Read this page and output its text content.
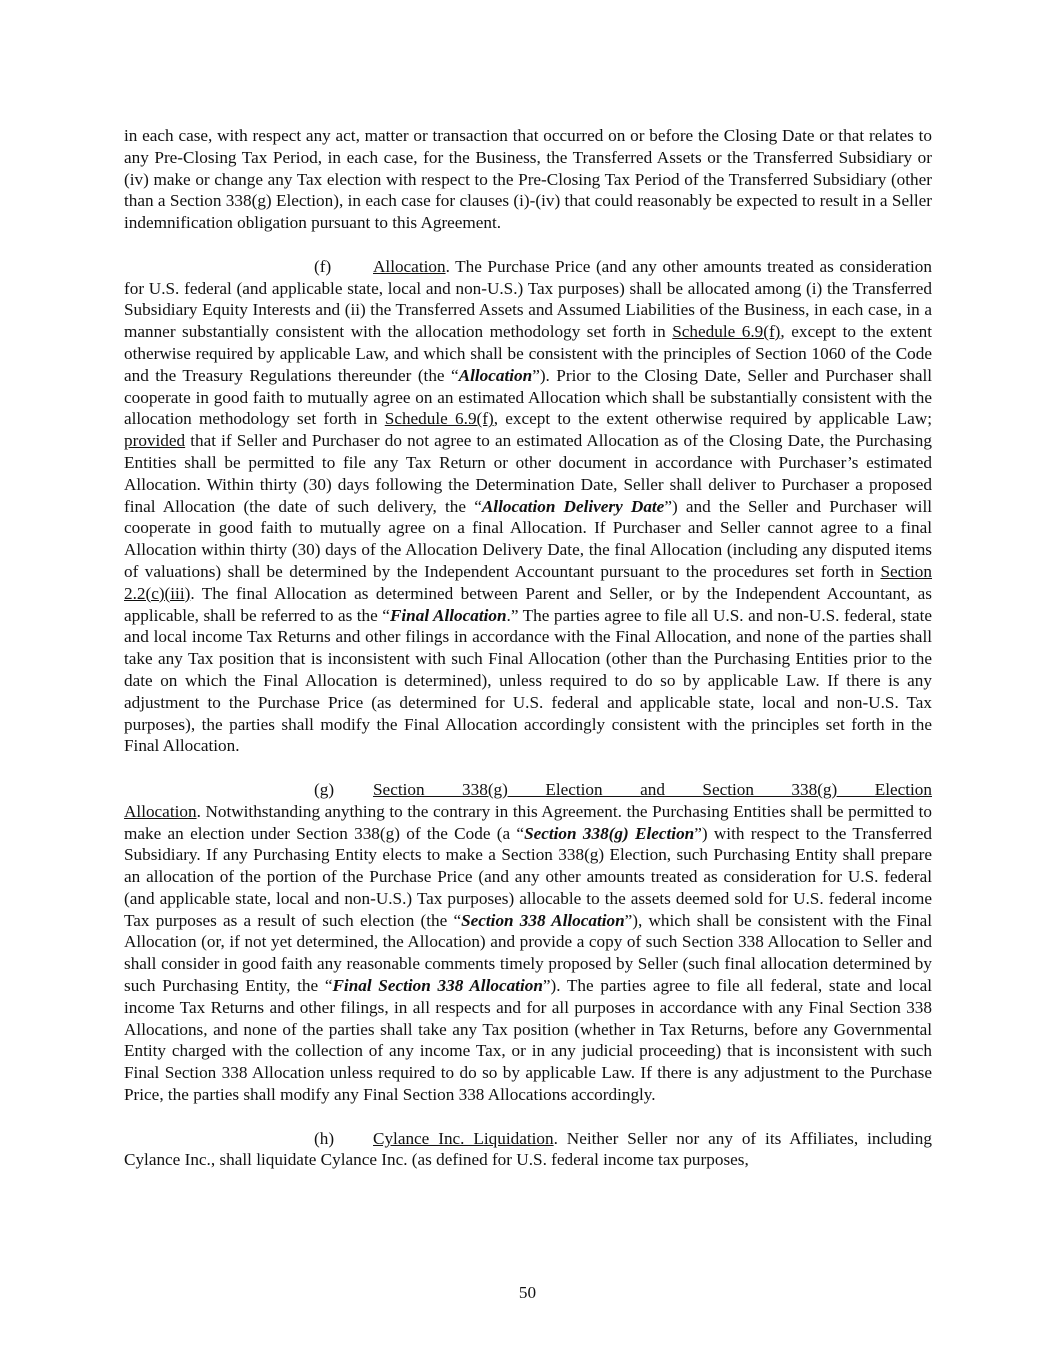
in each case, with respect any act, matter or transaction that occurred on or before the Closing Date or that relates to any Pre-Closing Tax Period, in each case, for the Business, the Transferred Assets or the Transferred Subsidiary or (iv) make or change any Tax election with respect to the Pre-Closing Tax Period of the Transferred Subsidiary (other than a Section 338(g) Election), in each case for clauses (i)-(iv) that could reasonably be expected to result in a Seller indemnification obligation pursuant to this Agreement.

(f) Allocation. The Purchase Price (and any other amounts treated as consideration for U.S. federal (and applicable state, local and non-U.S.) Tax purposes) shall be allocated among (i) the Transferred Subsidiary Equity Interests and (ii) the Transferred Assets and Assumed Liabilities of the Business, in each case, in a manner substantially consistent with the allocation methodology set forth in Schedule 6.9(f), except to the extent otherwise required by applicable Law, and which shall be consistent with the principles of Section 1060 of the Code and the Treasury Regulations thereunder (the “Allocation”). Prior to the Closing Date, Seller and Purchaser shall cooperate in good faith to mutually agree on an estimated Allocation which shall be substantially consistent with the allocation methodology set forth in Schedule 6.9(f), except to the extent otherwise required by applicable Law; provided that if Seller and Purchaser do not agree to an estimated Allocation as of the Closing Date, the Purchasing Entities shall be permitted to file any Tax Return or other document in accordance with Purchaser’s estimated Allocation. Within thirty (30) days following the Determination Date, Seller shall deliver to Purchaser a proposed final Allocation (the date of such delivery, the “Allocation Delivery Date”) and the Seller and Purchaser will cooperate in good faith to mutually agree on a final Allocation. If Purchaser and Seller cannot agree to a final Allocation within thirty (30) days of the Allocation Delivery Date, the final Allocation (including any disputed items of valuations) shall be determined by the Independent Accountant pursuant to the procedures set forth in Section 2.2(c)(iii). The final Allocation as determined between Parent and Seller, or by the Independent Accountant, as applicable, shall be referred to as the “Final Allocation.” The parties agree to file all U.S. and non-U.S. federal, state and local income Tax Returns and other filings in accordance with the Final Allocation, and none of the parties shall take any Tax position that is inconsistent with such Final Allocation (other than the Purchasing Entities prior to the date on which the Final Allocation is determined), unless required to do so by applicable Law. If there is any adjustment to the Purchase Price (as determined for U.S. federal and applicable state, local and non-U.S. Tax purposes), the parties shall modify the Final Allocation accordingly consistent with the principles set forth in the Final Allocation.

(g) Section 338(g) Election and Section 338(g) Election Allocation. Notwithstanding anything to the contrary in this Agreement. the Purchasing Entities shall be permitted to make an election under Section 338(g) of the Code (a “Section 338(g) Election”) with respect to the Transferred Subsidiary. If any Purchasing Entity elects to make a Section 338(g) Election, such Purchasing Entity shall prepare an allocation of the portion of the Purchase Price (and any other amounts treated as consideration for U.S. federal (and applicable state, local and non-U.S.) Tax purposes) allocable to the assets deemed sold for U.S. federal income Tax purposes as a result of such election (the “Section 338 Allocation”), which shall be consistent with the Final Allocation (or, if not yet determined, the Allocation) and provide a copy of such Section 338 Allocation to Seller and shall consider in good faith any reasonable comments timely proposed by Seller (such final allocation determined by such Purchasing Entity, the “Final Section 338 Allocation”). The parties agree to file all federal, state and local income Tax Returns and other filings, in all respects and for all purposes in accordance with any Final Section 338 Allocations, and none of the parties shall take any Tax position (whether in Tax Returns, before any Governmental Entity charged with the collection of any income Tax, or in any judicial proceeding) that is inconsistent with such Final Section 338 Allocation unless required to do so by applicable Law. If there is any adjustment to the Purchase Price, the parties shall modify any Final Section 338 Allocations accordingly.

(h) Cylance Inc. Liquidation. Neither Seller nor any of its Affiliates, including Cylance Inc., shall liquidate Cylance Inc. (as defined for U.S. federal income tax purposes,

50
